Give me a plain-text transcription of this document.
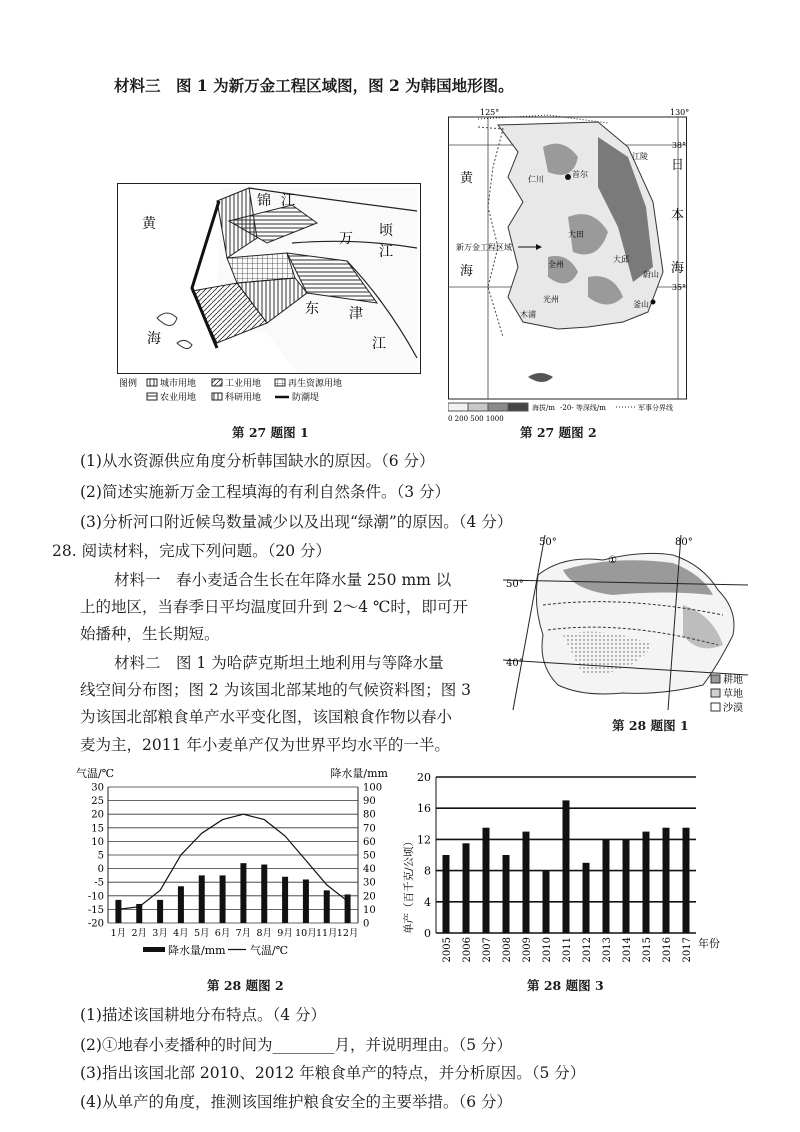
材料三　图 1 为新万金工程区域图，图 2 为韩国地形图。
黄
海
锦 江
万 顷
江
东 津
江
图例	城市用地	工业用地	再生资源用地
农业用地	科研用地	防潮堤
第 27 题图 1
125°	130°
38°
35°
江陵
首尔
仁川
大田
全州
光州
大邱
釜山
蔚山
木浦
黄
海
日
本
海
新万金工程区域
0 200 500 1000
海拔/m -20- 等深线/m	军事分界线
第 27 题图 2
(1)从水资源供应角度分析韩国缺水的原因。（6 分）
(2)简述实施新万金工程填海的有利自然条件。（3 分）
(3)分析河口附近候鸟数量减少以及出现“绿潮”的原因。（4 分）
28. 阅读材料，完成下列问题。（20 分）
材料一　春小麦适合生长在年降水量 250 mm 以
上的地区，当春季日平均温度回升到 2～4 ℃时，即可开
始播种，生长期短。
材料二　图 1 为哈萨克斯坦土地利用与等降水量
线空间分布图；图 2 为该国北部某地的气候资料图；图 3
为该国北部粮食单产水平变化图，该国粮食作物以春小
麦为主，2011 年小麦单产仅为世界平均水平的一半。
50°	80°
50°
40°
①
耕地
草地
沙漠
第 28 题图 1
气温/℃	降水量/mm
30	100
25	90
20	80
15	70
10	60
5	50
0	40
-5	30
-10	20
-15	10
-20	0
1月 2月 3月 4月 5月 6月 7月 8月 9月 10月 11月 12月
降水量/mm 气温/℃
第 28 题图 2
0
4
8
12
16
20
2005 2006 2007 2008 2009 2010 2011 2012 2013 2014 2015 2016 2017
单产（百千克/公顷）
年份
第 28 题图 3
(1)描述该国耕地分布特点。（4 分）
(2)①地春小麦播种的时间为________月，并说明理由。（5 分）
(3)指出该国北部 2010、2012 年粮食单产的特点，并分析原因。（5 分）
(4)从单产的角度，推测该国维护粮食安全的主要举措。（6 分）
